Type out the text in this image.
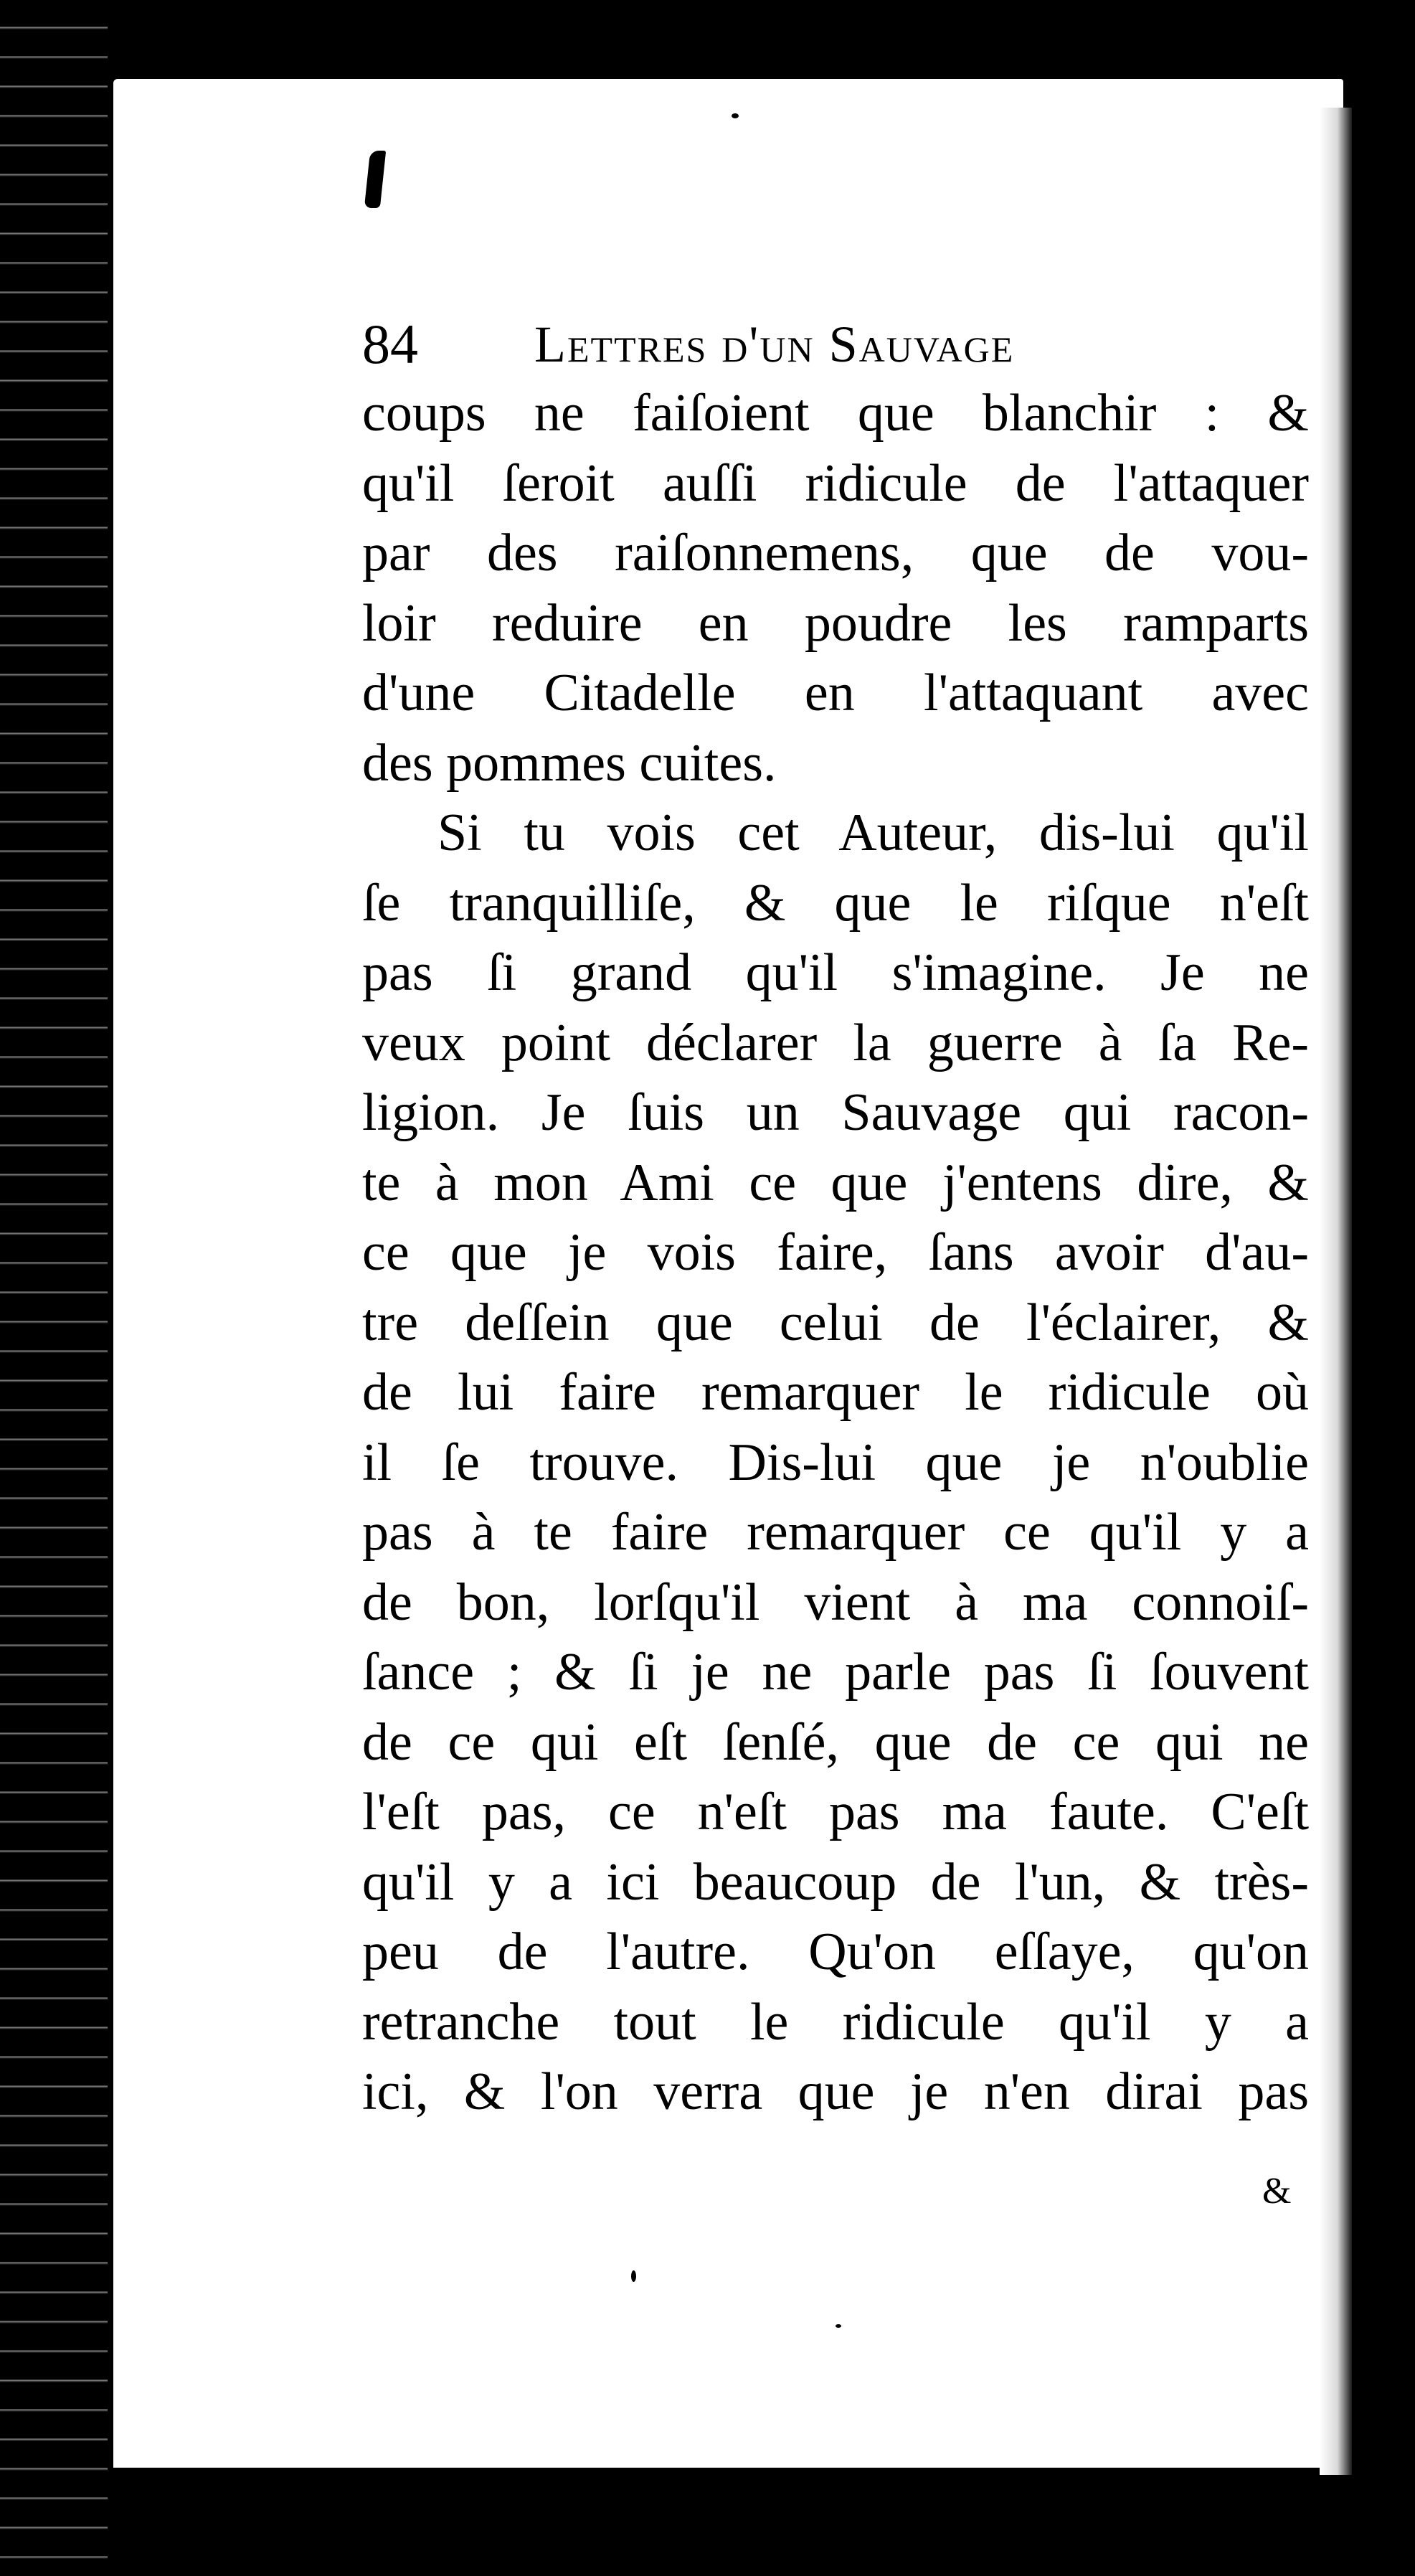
84 Lettres d'un Sauvage
coups ne faiſoient que blanchir : &
qu'il ſeroit auſſi ridicule de l'attaquer
par des raiſonnemens, que de vou-
loir reduire en poudre les ramparts
d'une Citadelle en l'attaquant avec
des pommes cuites.
Si tu vois cet Auteur, dis-lui qu'il
ſe tranquilliſe, & que le riſque n'eſt
pas ſi grand qu'il s'imagine. Je ne
veux point déclarer la guerre à ſa Re-
ligion. Je ſuis un Sauvage qui racon-
te à mon Ami ce que j'entens dire, &
ce que je vois faire, ſans avoir d'au-
tre deſſein que celui de l'éclairer, &
de lui faire remarquer le ridicule où
il ſe trouve. Dis-lui que je n'oublie
pas à te faire remarquer ce qu'il y a
de bon, lorſqu'il vient à ma connoiſ-
ſance ; & ſi je ne parle pas ſi ſouvent
de ce qui eſt ſenſé, que de ce qui ne
l'eſt pas, ce n'eſt pas ma faute. C'eſt
qu'il y a ici beaucoup de l'un, & très-
peu de l'autre. Qu'on eſſaye, qu'on
retranche tout le ridicule qu'il y a
ici, & l'on verra que je n'en dirai pas
&
